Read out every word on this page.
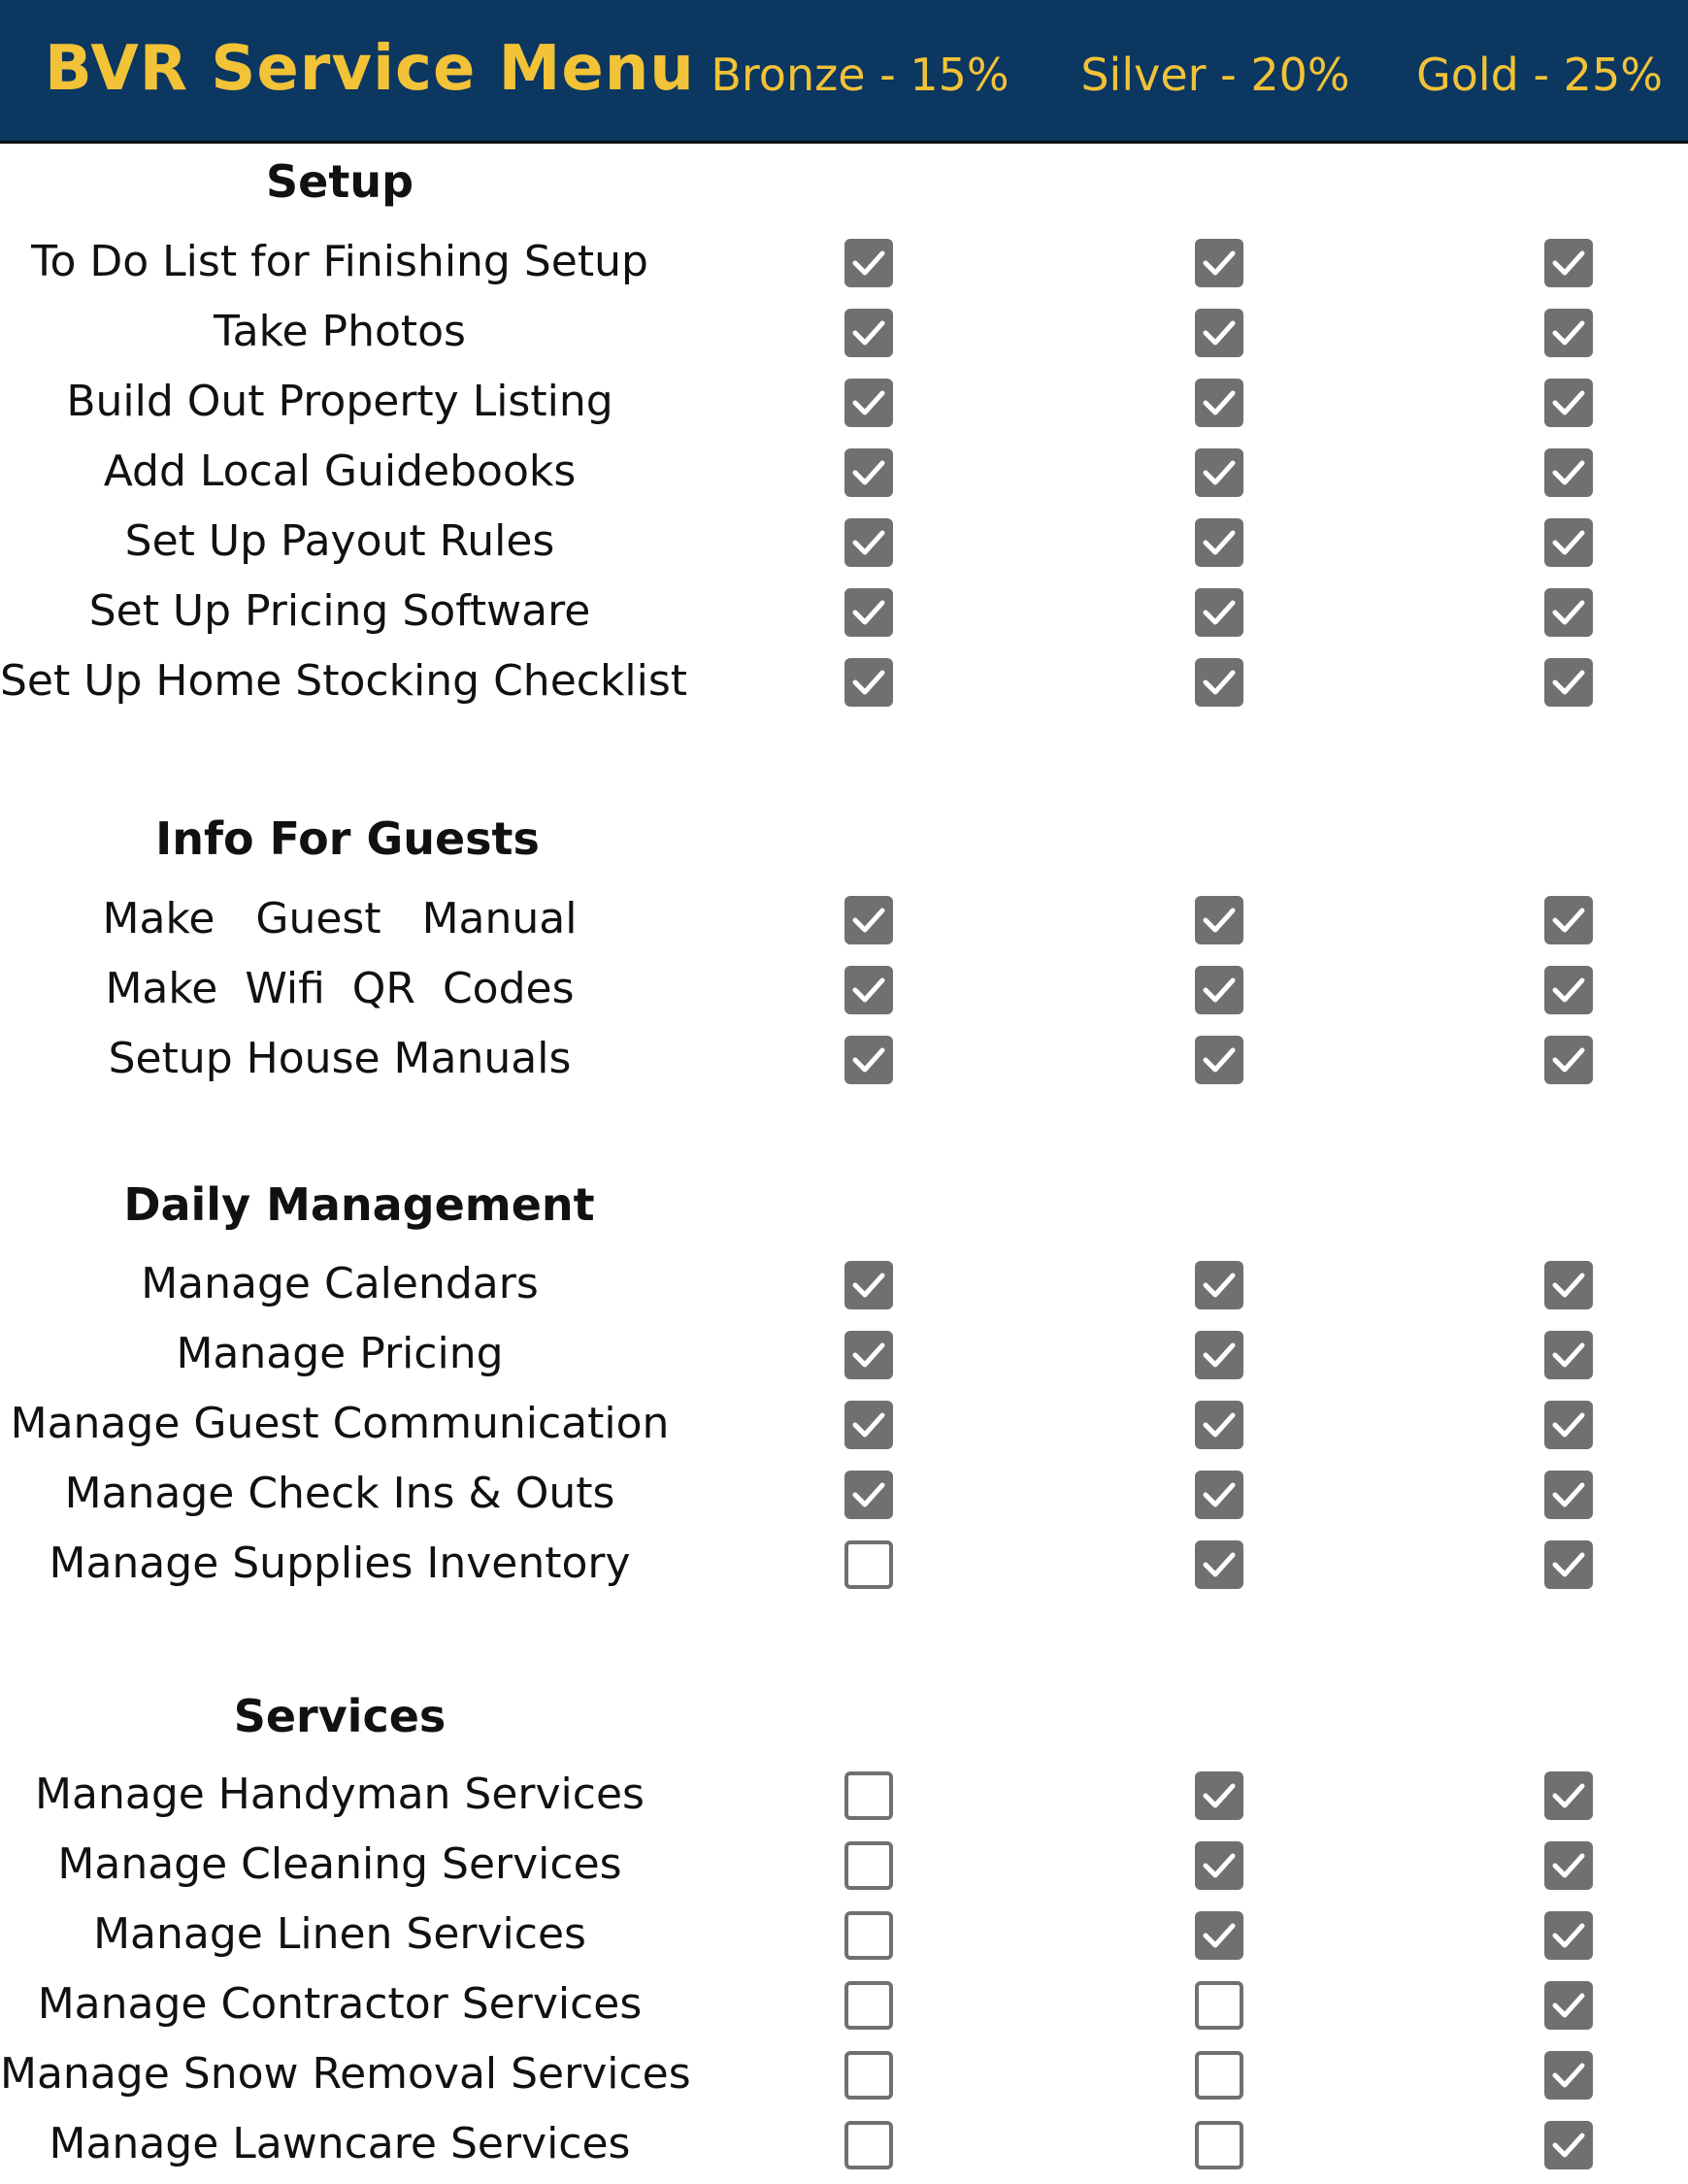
BVR Service Menu Bronze - 15%	Silver - 20%	Gold - 25%
Setup
To Do List for Finishing Setup
Take Photos
Build Out Property Listing
Add Local Guidebooks
Set Up Payout Rules
Set Up Pricing Software
Set Up Home Stocking Checklist
Info For Guests
Make   Guest   Manual
Make  Wifi  QR  Codes
Setup House Manuals
Daily Management
Manage Calendars
Manage Pricing
Manage Guest Communication
Manage Check Ins & Outs
Manage Supplies Inventory
Services
Manage Handyman Services
Manage Cleaning Services
Manage Linen Services
Manage Contractor Services
Manage Snow Removal Services
Manage Lawncare Services
